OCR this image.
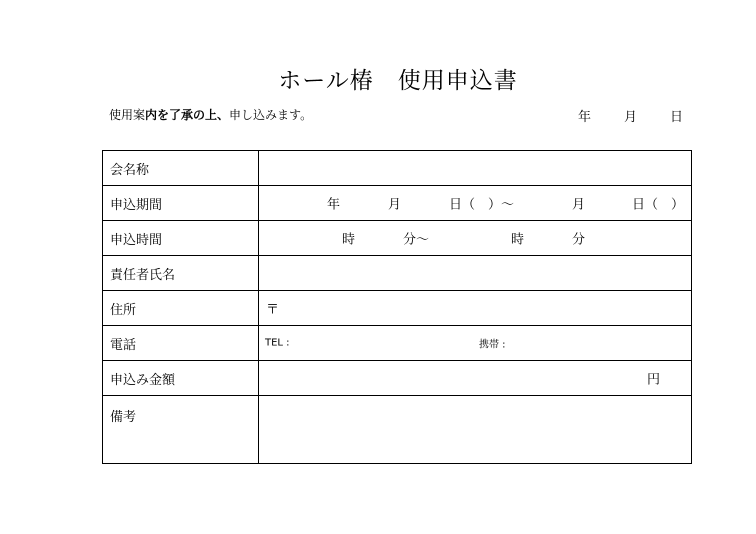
ホール椿　使用申込書
使用案内を了承の上、申し込みます。	年	月	日
会名称	
申込期間	年 月 日（　）～ 月 日（　）

申込時間	時 分～ 時 分

責任者氏名	
住所	〒

電話	TEL : 携帯 :

申込み金額	円

備考	
